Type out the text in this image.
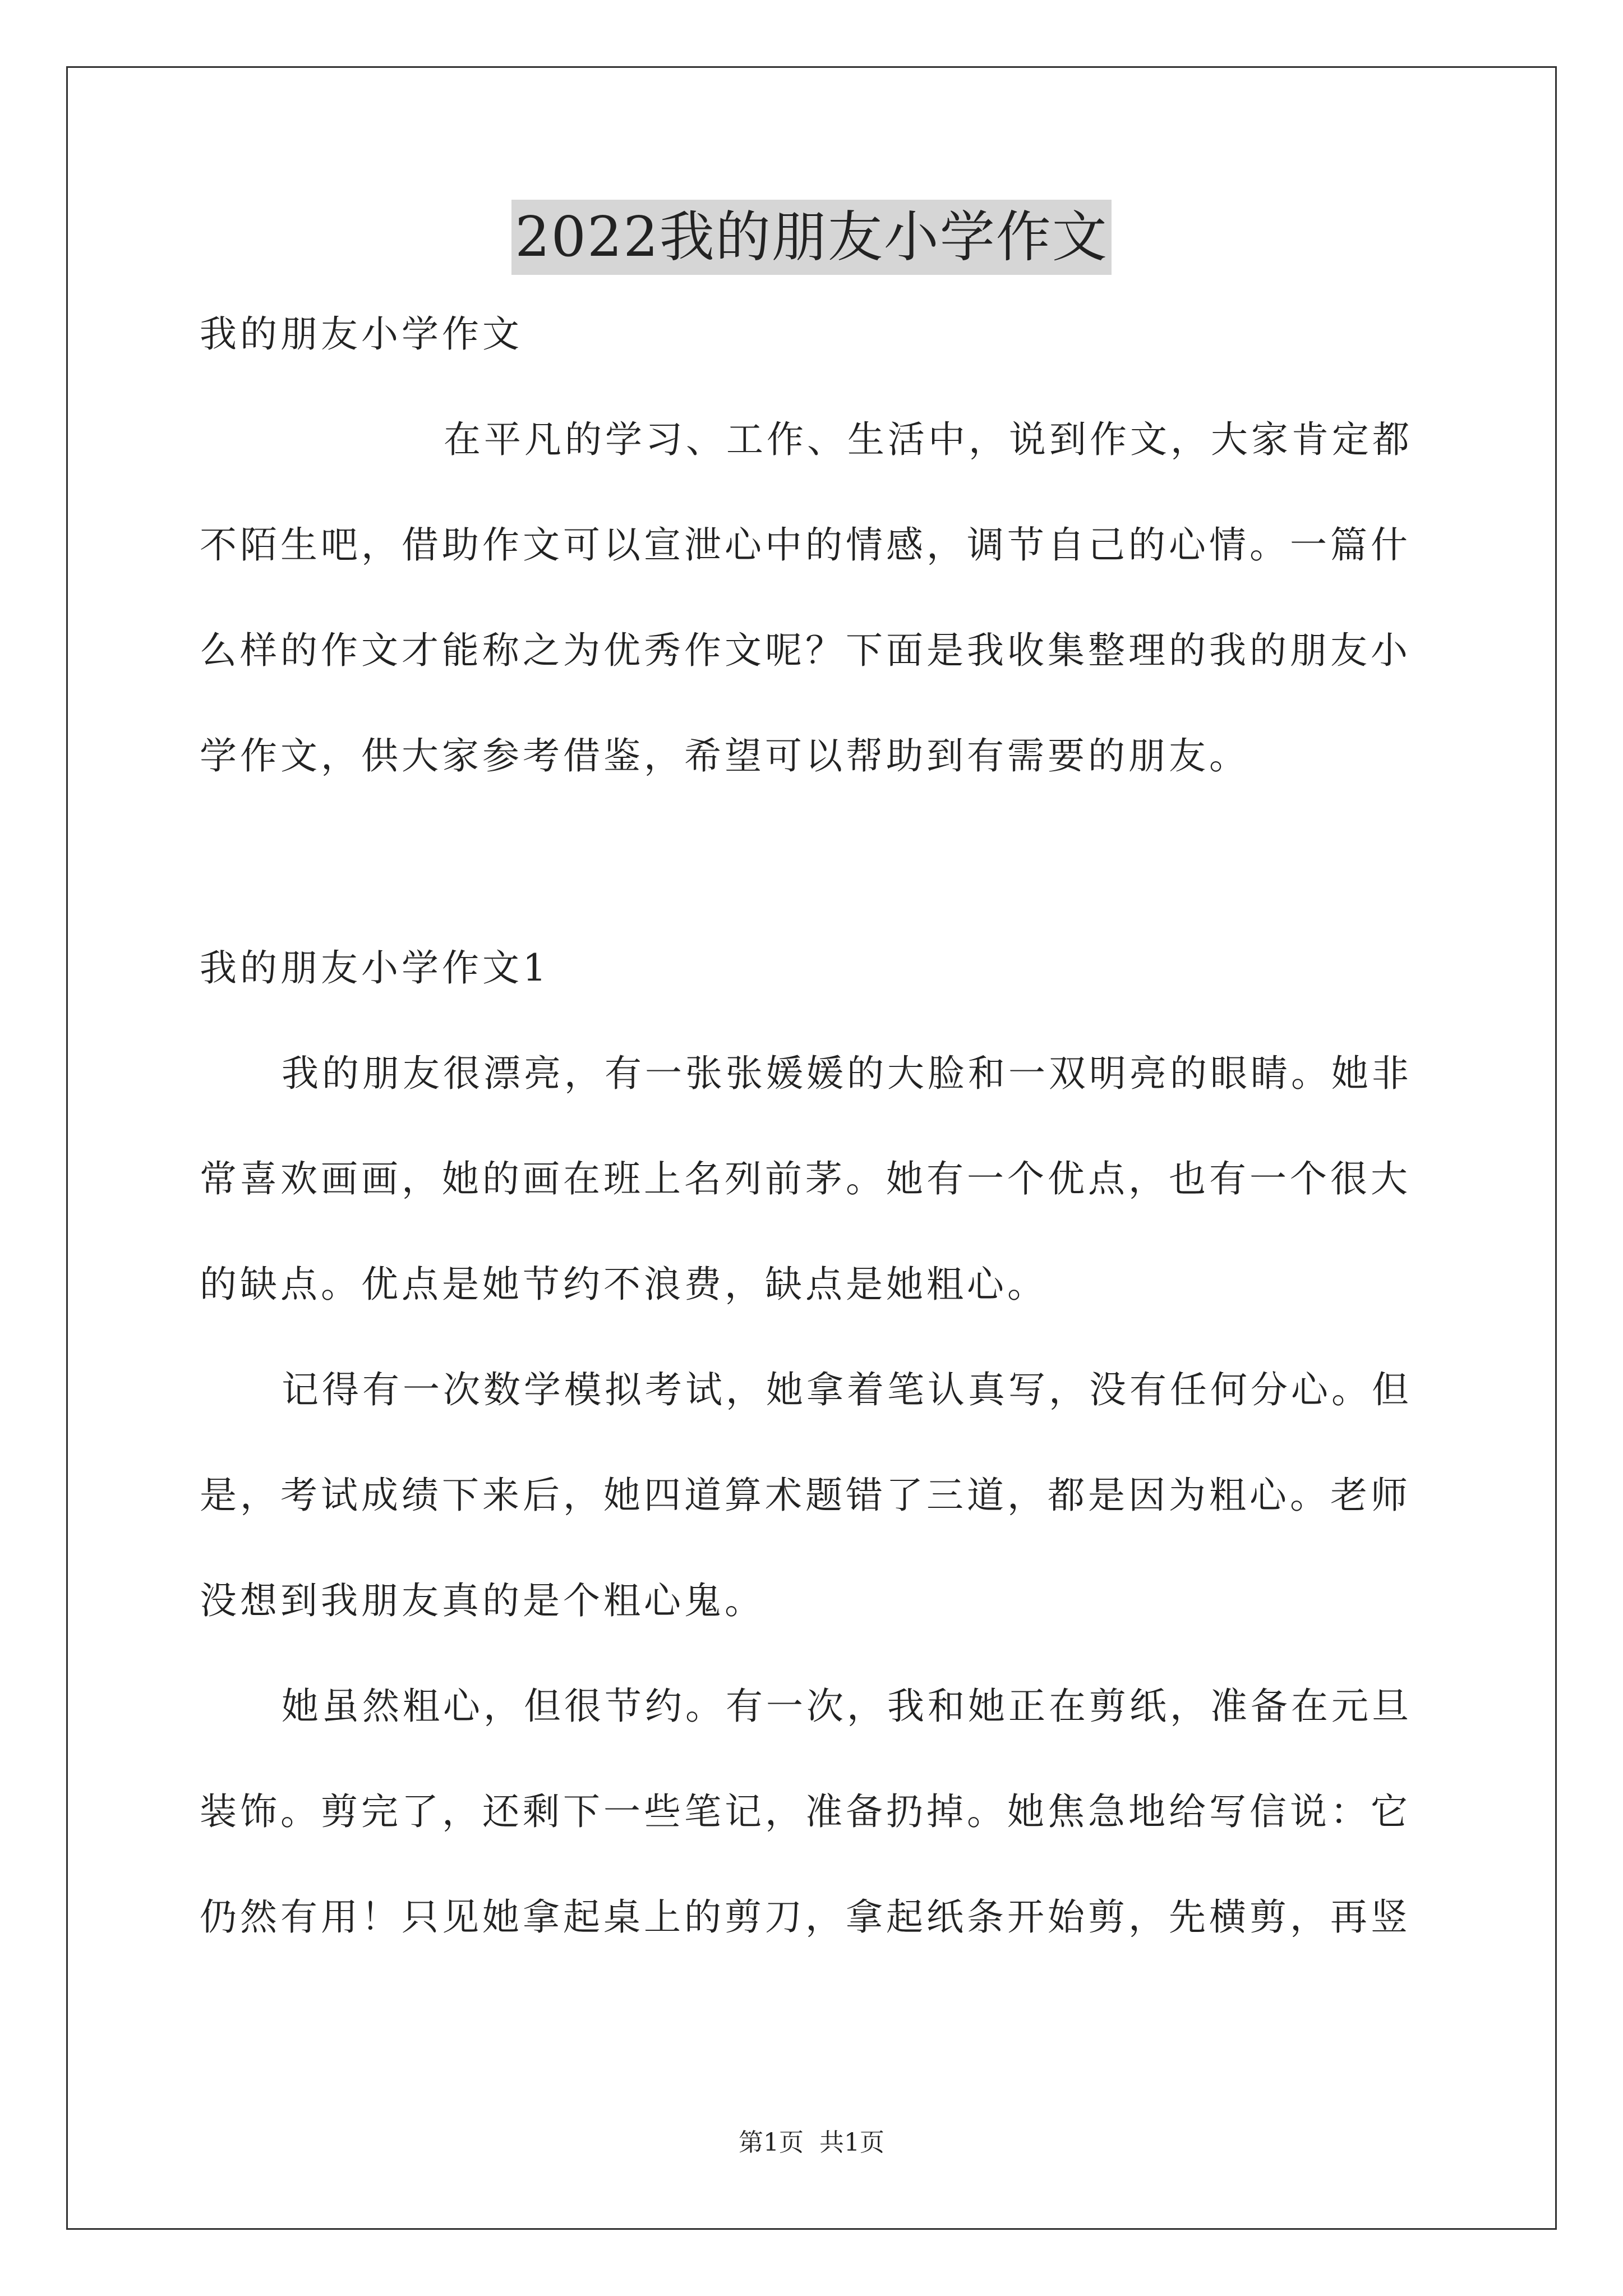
2022我的朋友小学作文
我的朋友小学作文
在平凡的学习、工作、生活中，说到作文，大家肯定都
不陌生吧，借助作文可以宣泄心中的情感，调节自己的心情。一篇什
么样的作文才能称之为优秀作文呢？下面是我收集整理的我的朋友小
学作文，供大家参考借鉴，希望可以帮助到有需要的朋友。
我的朋友小学作文1
我的朋友很漂亮，有一张张媛媛的大脸和一双明亮的眼睛。她非
常喜欢画画，她的画在班上名列前茅。她有一个优点，也有一个很大
的缺点。优点是她节约不浪费，缺点是她粗心。
记得有一次数学模拟考试，她拿着笔认真写，没有任何分心。但
是，考试成绩下来后，她四道算术题错了三道，都是因为粗心。老师
没想到我朋友真的是个粗心鬼。
她虽然粗心，但很节约。有一次，我和她正在剪纸，准备在元旦
装饰。剪完了，还剩下一些笔记，准备扔掉。她焦急地给写信说：它
仍然有用！只见她拿起桌上的剪刀，拿起纸条开始剪，先横剪，再竖
第1页 共1页
